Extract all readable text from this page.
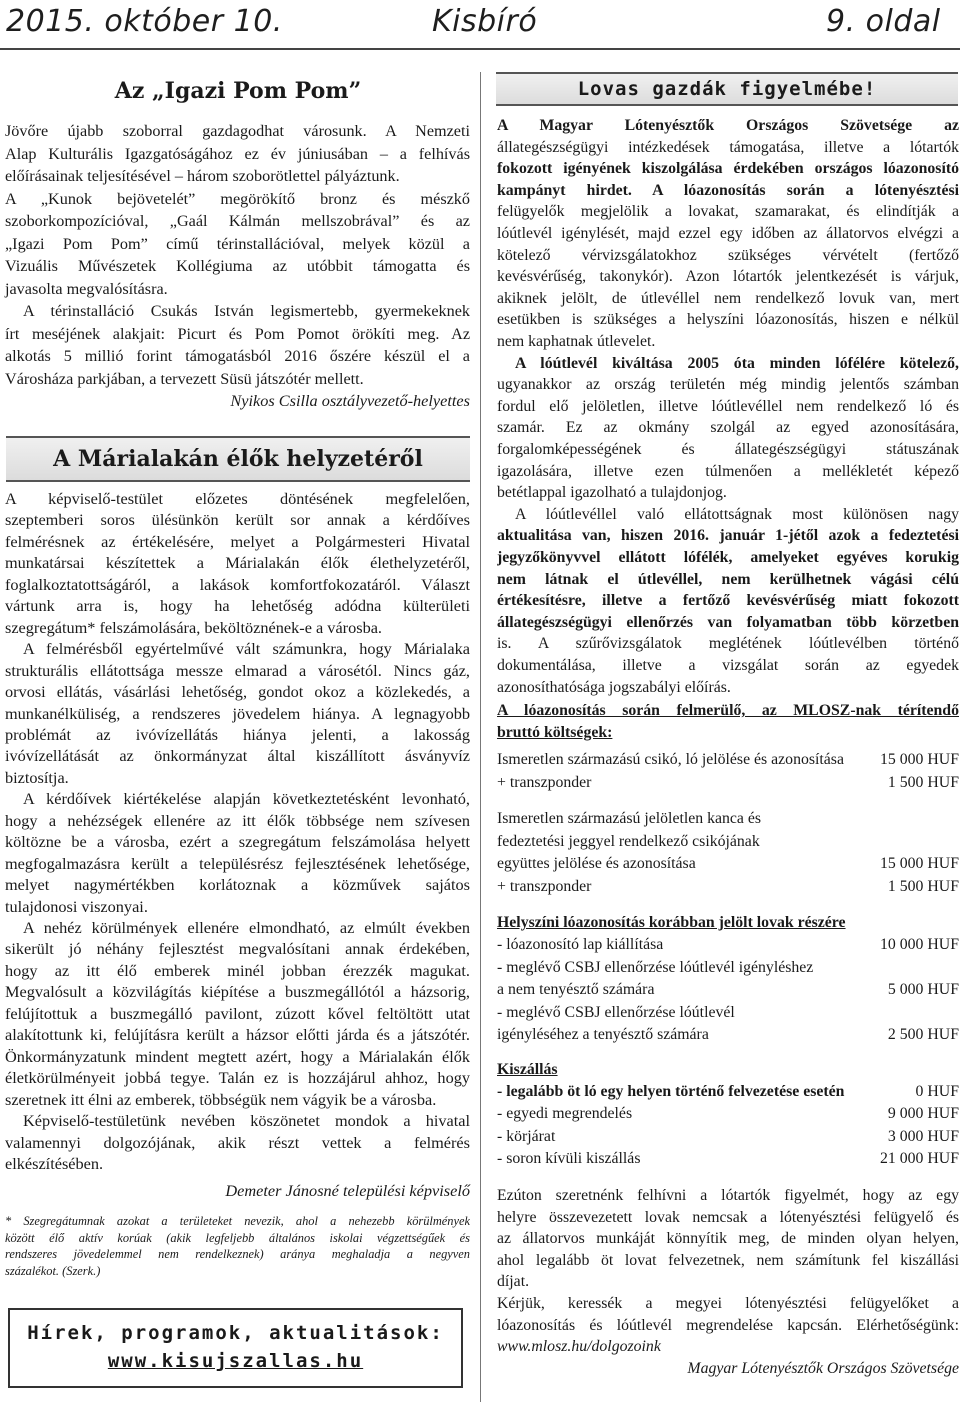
2015. október 10.	Kisbíró	9. oldal
Az „Igazi Pom Pom”
Jövőre újabb szoborral gazdagodhat városunk. A Nemzeti
Alap Kulturális Igazgatóságához ez év júniusában – a felhívás
előírásainak teljesítésével – három szoborötlettel pályáztunk.
A „Kunok bejövetelét” megörökítő bronz és mészkő
szoborkompozícióval, „Gaál Kálmán mellszobrával” és az
„Igazi Pom Pom” című térinstallációval, melyek közül a
Vizuális Művészetek Kollégiuma az utóbbit támogatta és
javasolta megvalósításra.
A térinstalláció Csukás István legismertebb, gyermekeknek
írt meséjének alakjait: Picurt és Pom Pomot örökíti meg. Az
alkotás 5 millió forint támogatásból 2016 őszére készül el a
Városháza parkjában, a tervezett Süsü játszótér mellett.
Nyikos Csilla osztályvezető-helyettes
A Márialakán élők helyzetéről
A képviselő-testület előzetes döntésének megfelelően,
szeptemberi soros ülésünkön került sor annak a kérdőíves
felmérésnek az értékelésére, melyet a Polgármesteri Hivatal
munkatársai készítettek a Márialakán élők élethelyzetéről,
foglalkoztatottságáról, a lakások komfortfokozatáról. Választ
vártunk arra is, hogy ha lehetőség adódna külterületi
szegregátum* felszámolására, beköltöznének-e a városba.
A felmérésből egyértelművé vált számunkra, hogy Márialaka
strukturális ellátottsága messze elmarad a városétól. Nincs gáz,
orvosi ellátás, vásárlási lehetőség, gondot okoz a közlekedés, a
munkanélküliség, a rendszeres jövedelem hiánya. A legnagyobb
problémát az ivóvízellátás hiánya jelenti, a lakosság
ivóvízellátását az önkormányzat által kiszállított ásványvíz
biztosítja.
A kérdőívek kiértékelése alapján következtetésként levonható,
hogy a nehézségek ellenére az itt élők többsége nem szívesen
költözne be a városba, ezért a szegregátum felszámolása helyett
megfogalmazásra került a településrész fejlesztésének lehetősége,
melyet nagymértékben korlátoznak a közművek sajátos
tulajdonosi viszonyai.
A nehéz körülmények ellenére elmondható, az elmúlt években
sikerült jó néhány fejlesztést megvalósítani annak érdekében,
hogy az itt élő emberek minél jobban érezzék magukat.
Megvalósult a közvilágítás kiépítése a buszmegállótól a házsorig,
felújítottuk a buszmegálló pavilont, zúzott kővel feltöltött utat
alakítottunk ki, felújításra került a házsor előtti járda és a játszótér.
Önkormányzatunk mindent megtett azért, hogy a Márialakán élők
életkörülményeit jobbá tegye. Talán ez is hozzájárul ahhoz, hogy
szeretnek itt élni az emberek, többségük nem vágyik be a városba.
Képviselő-testületünk nevében köszönetet mondok a hivatal
valamennyi dolgozójának, akik részt vettek a felmérés
elkészítésében.
Demeter Jánosné települési képviselő
* Szegregátumnak azokat a területeket nevezik, ahol a nehezebb körülmények
között élő aktív korúak (akik legfeljebb általános iskolai végzettségűek és
rendszeres jövedelemmel nem rendelkeznek) aránya meghaladja a negyven
százalékot. (Szerk.)
Hírek, programok, aktualitások:
www.kisujszallas.hu
Lovas gazdák figyelmébe!
A Magyar Lótenyésztők Országos Szövetsége az
állategészségügyi intézkedések támogatása, illetve a lótartók
fokozott igényének kiszolgálása érdekében országos lóazonosító
kampányt hirdet. A lóazonosítás során a lótenyésztési
felügyelők megjelölik a lovakat, szamarakat, és elindítják a
lóútlevél igénylését, majd ezzel egy időben az állatorvos elvégzi a
kötelező vérvizsgálatokhoz szükséges vérvételt (fertőző
kevésvérűség, takonykór). Azon lótartók jelentkezését is várjuk,
akiknek jelölt, de útlevéllel nem rendelkező lovuk van, mert
esetükben is szükséges a helyszíni lóazonosítás, hiszen e nélkül
nem kaphatnak útlevelet.
A lóútlevél kiváltása 2005 óta minden lófélére kötelező,
ugyanakkor az ország területén még mindig jelentős számban
fordul elő jelöletlen, illetve lóútlevéllel nem rendelkező ló és
szamár. Ez az okmány szolgál az egyed azonosítására,
forgalomképességének és állategészségügyi státuszának
igazolására, illetve ezen túlmenően a mellékletét képező
betétlappal igazolható a tulajdonjog.
A lóútlevéllel való ellátottságnak most különösen nagy
aktualitása van, hiszen 2016. január 1-jétől azok a fedeztetési
jegyzőkönyvvel ellátott lófélék, amelyeket egyéves korukig
nem látnak el útlevéllel, nem kerülhetnek vágási célú
értékesítésre, illetve a fertőző kevésvérűség miatt fokozott
állategészségügyi ellenőrzés van folyamatban több körzetben
is. A szűrővizsgálatok meglétének lóútlevélben történő
dokumentálása, illetve a vizsgálat során az egyedek
azonosíthatósága jogszabályi előírás.
A lóazonosítás során felmerülő, az MLOSZ-nak térítendő
bruttó költségek:
Ismeretlen származású csikó, ló jelölése és azonosítása 15 000 HUF
+ transzponder	1 500 HUF
Ismeretlen származású jelöletlen kanca és
fedeztetési jeggyel rendelkező csikójának
együttes jelölése és azonosítása	15 000 HUF
+ transzponder	1 500 HUF
Helyszíni lóazonosítás korábban jelölt lovak részére
- lóazonosító lap kiállítása	10 000 HUF
- meglévő CSBJ ellenőrzése lóútlevél igényléshez
a nem tenyésztő számára	5 000 HUF
- meglévő CSBJ ellenőrzése lóútlevél
igényléséhez a tenyésztő számára	2 500 HUF
Kiszállás
- legalább öt ló egy helyen történő felvezetése esetén	0 HUF
- egyedi megrendelés	9 000 HUF
- körjárat	3 000 HUF
- soron kívüli kiszállás	21 000 HUF
Ezúton szeretnénk felhívni a lótartók figyelmét, hogy az egy
helyre összevezetett lovak nemcsak a lótenyésztési felügyelő és
az állatorvos munkáját könnyítik meg, de minden olyan helyen,
ahol legalább öt lovat felvezetnek, nem számítunk fel kiszállási
díjat.
Kérjük, keressék a megyei lótenyésztési felügyelőket a
lóazonosítás és lóútlevél megrendelése kapcsán. Elérhetőségünk:
www.mlosz.hu/dolgozoink
Magyar Lótenyésztők Országos Szövetsége
